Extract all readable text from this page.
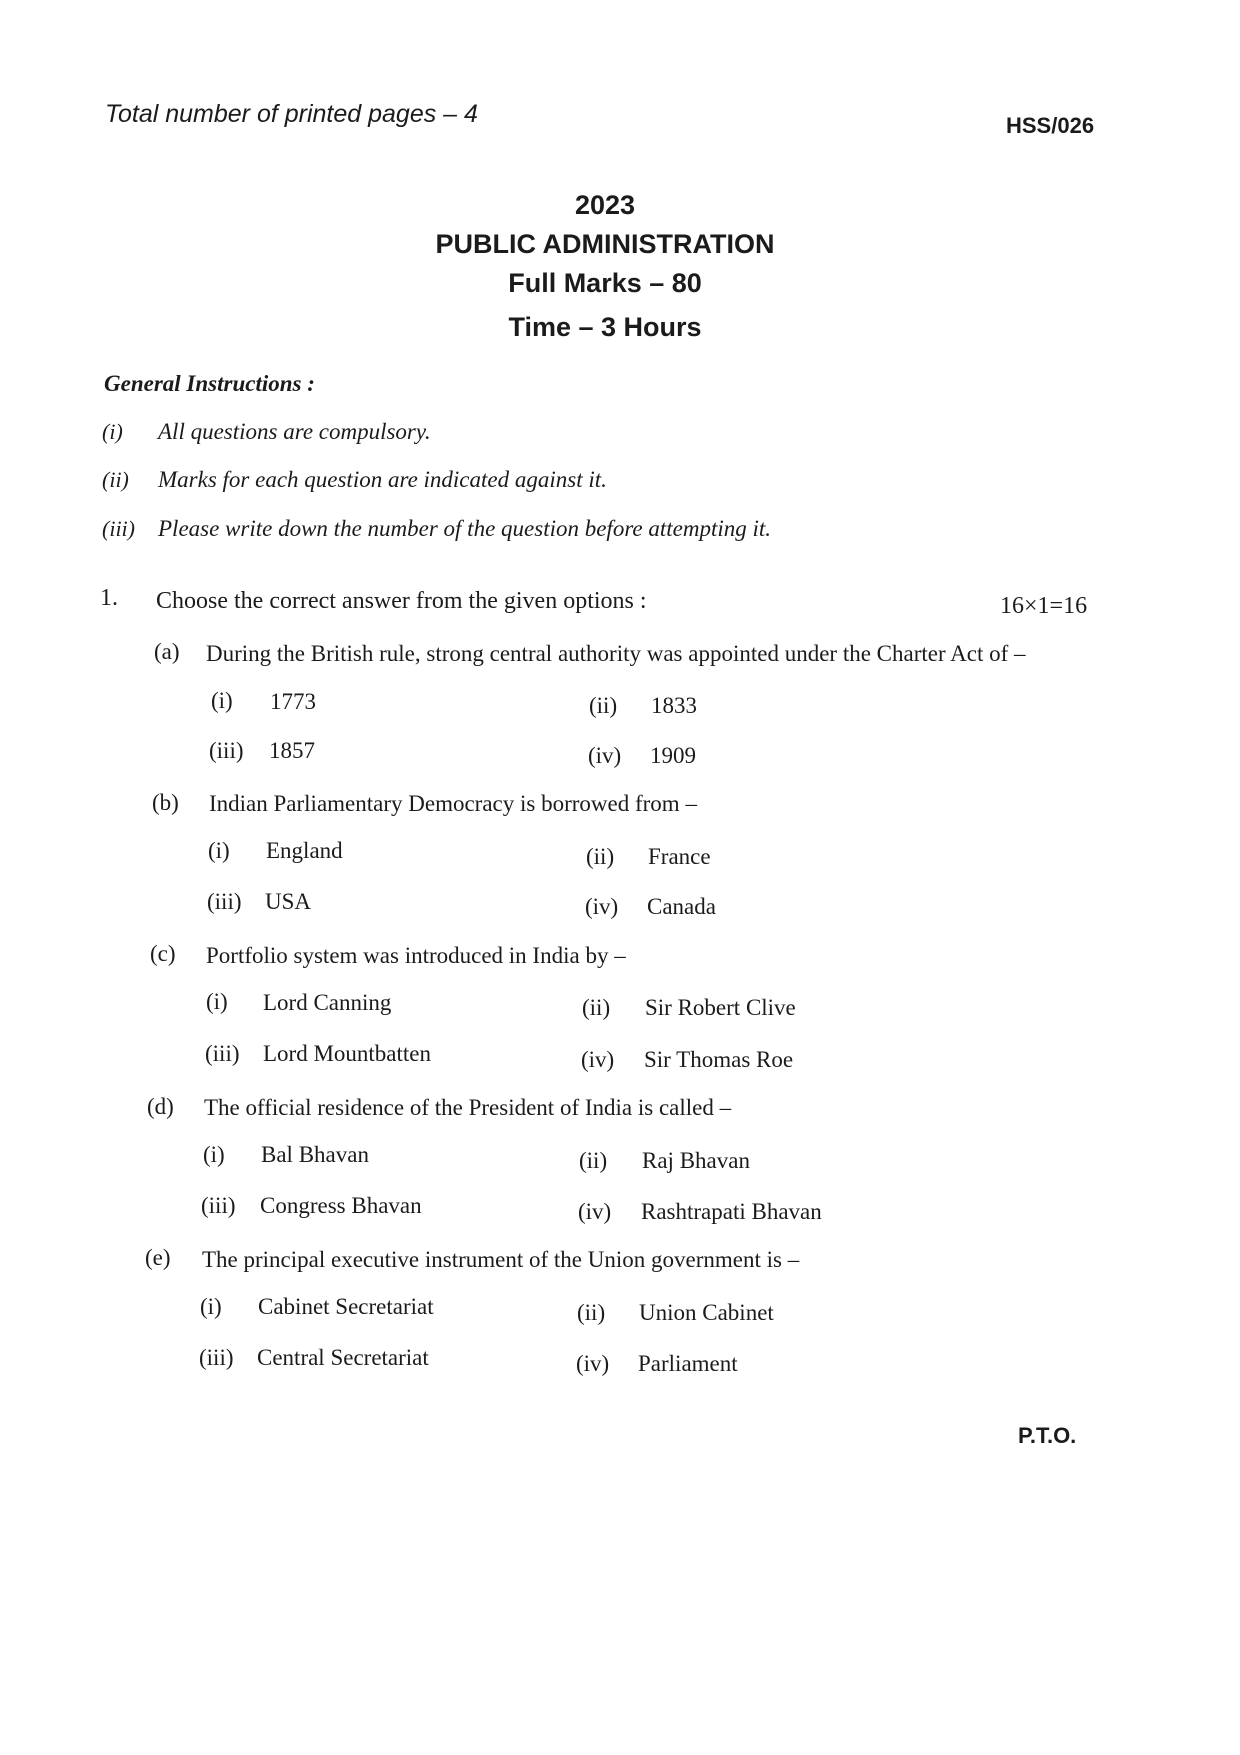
Total number of printed pages – 4	HSS/026
2023
PUBLIC ADMINISTRATION
Full Marks – 80
Time – 3 Hours
General Instructions :
(i) All questions are compulsory.
(ii) Marks for each question are indicated against it.
(iii) Please write down the number of the question before attempting it.
1. Choose the correct answer from the given options :	16×1=16
(a) During the British rule, strong central authority was appointed under the Charter Act of –
(i) 1773	(ii) 1833
(iii) 1857	(iv) 1909
(b) Indian Parliamentary Democracy is borrowed from –
(i) England	(ii) France
(iii) USA	(iv) Canada
(c) Portfolio system was introduced in India by –
(i) Lord Canning	(ii) Sir Robert Clive
(iii) Lord Mountbatten	(iv) Sir Thomas Roe
(d) The official residence of the President of India is called –
(i) Bal Bhavan	(ii) Raj Bhavan
(iii) Congress Bhavan	(iv) Rashtrapati Bhavan
(e) The principal executive instrument of the Union government is –
(i) Cabinet Secretariat	(ii) Union Cabinet
(iii) Central Secretariat	(iv) Parliament
P.T.O.
